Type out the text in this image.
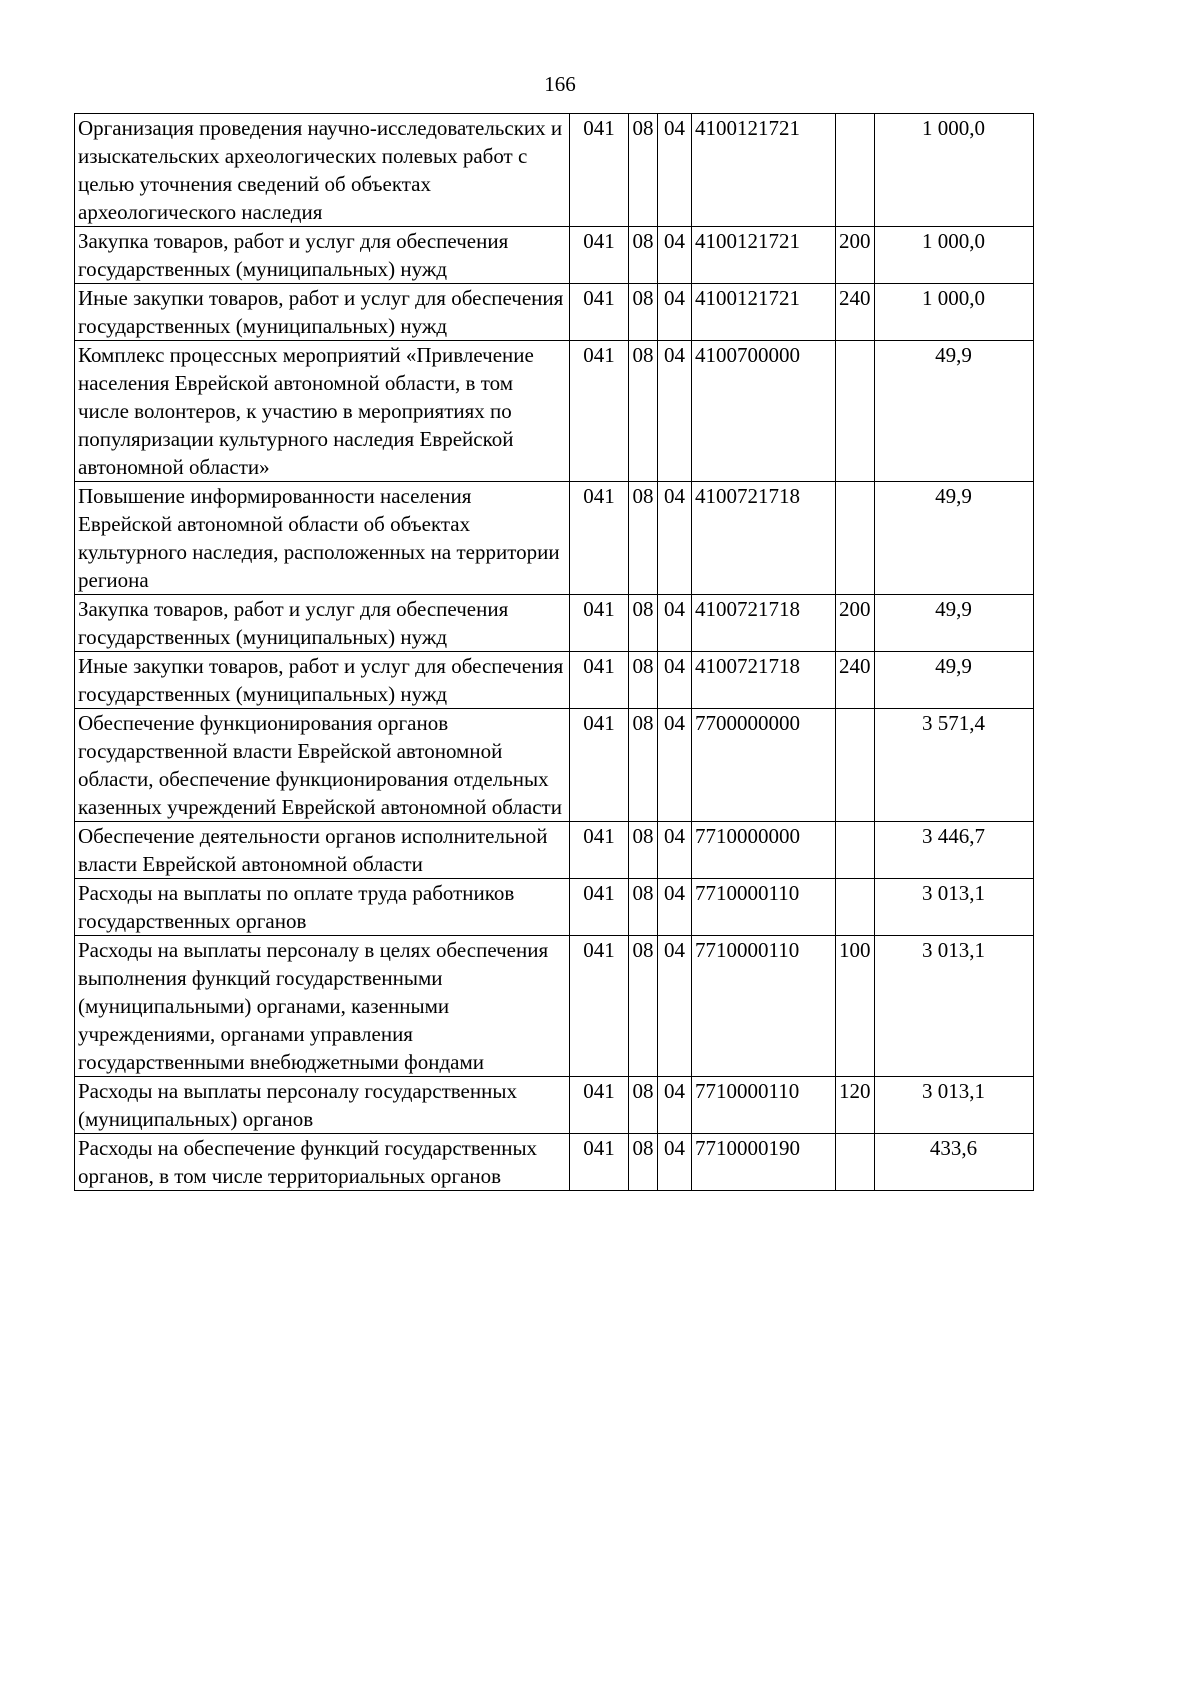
166
Организация проведения научно-исследовательских и изыскательских археологических полевых работ с целью уточнения сведений об объектах археологического наследия	041	08	04	4100121721		1 000,0
Закупка товаров, работ и услуг для обеспечения государственных (муниципальных) нужд	041	08	04	4100121721	200	1 000,0
Иные закупки товаров, работ и услуг для обеспечения государственных (муниципальных) нужд	041	08	04	4100121721	240	1 000,0
Комплекс процессных мероприятий «Привлечение населения Еврейской автономной области, в том числе волонтеров, к участию в мероприятиях по популяризации культурного наследия Еврейской автономной области»	041	08	04	4100700000		49,9
Повышение информированности населения Еврейской автономной области об объектах культурного наследия, расположенных на территории региона	041	08	04	4100721718		49,9
Закупка товаров, работ и услуг для обеспечения государственных (муниципальных) нужд	041	08	04	4100721718	200	49,9
Иные закупки товаров, работ и услуг для обеспечения государственных (муниципальных) нужд	041	08	04	4100721718	240	49,9
Обеспечение функционирования органов государственной власти Еврейской автономной области, обеспечение функционирования отдельных казенных учреждений Еврейской автономной области	041	08	04	7700000000		3 571,4
Обеспечение деятельности органов исполнительной власти Еврейской автономной области	041	08	04	7710000000		3 446,7
Расходы на выплаты по оплате труда работников государственных органов	041	08	04	7710000110		3 013,1
Расходы на выплаты персоналу в целях обеспечения выполнения функций государственными (муниципальными) органами, казенными учреждениями, органами управления государственными внебюджетными фондами	041	08	04	7710000110	100	3 013,1
Расходы на выплаты персоналу государственных (муниципальных) органов	041	08	04	7710000110	120	3 013,1
Расходы на обеспечение функций государственных органов, в том числе территориальных органов	041	08	04	7710000190		433,6
